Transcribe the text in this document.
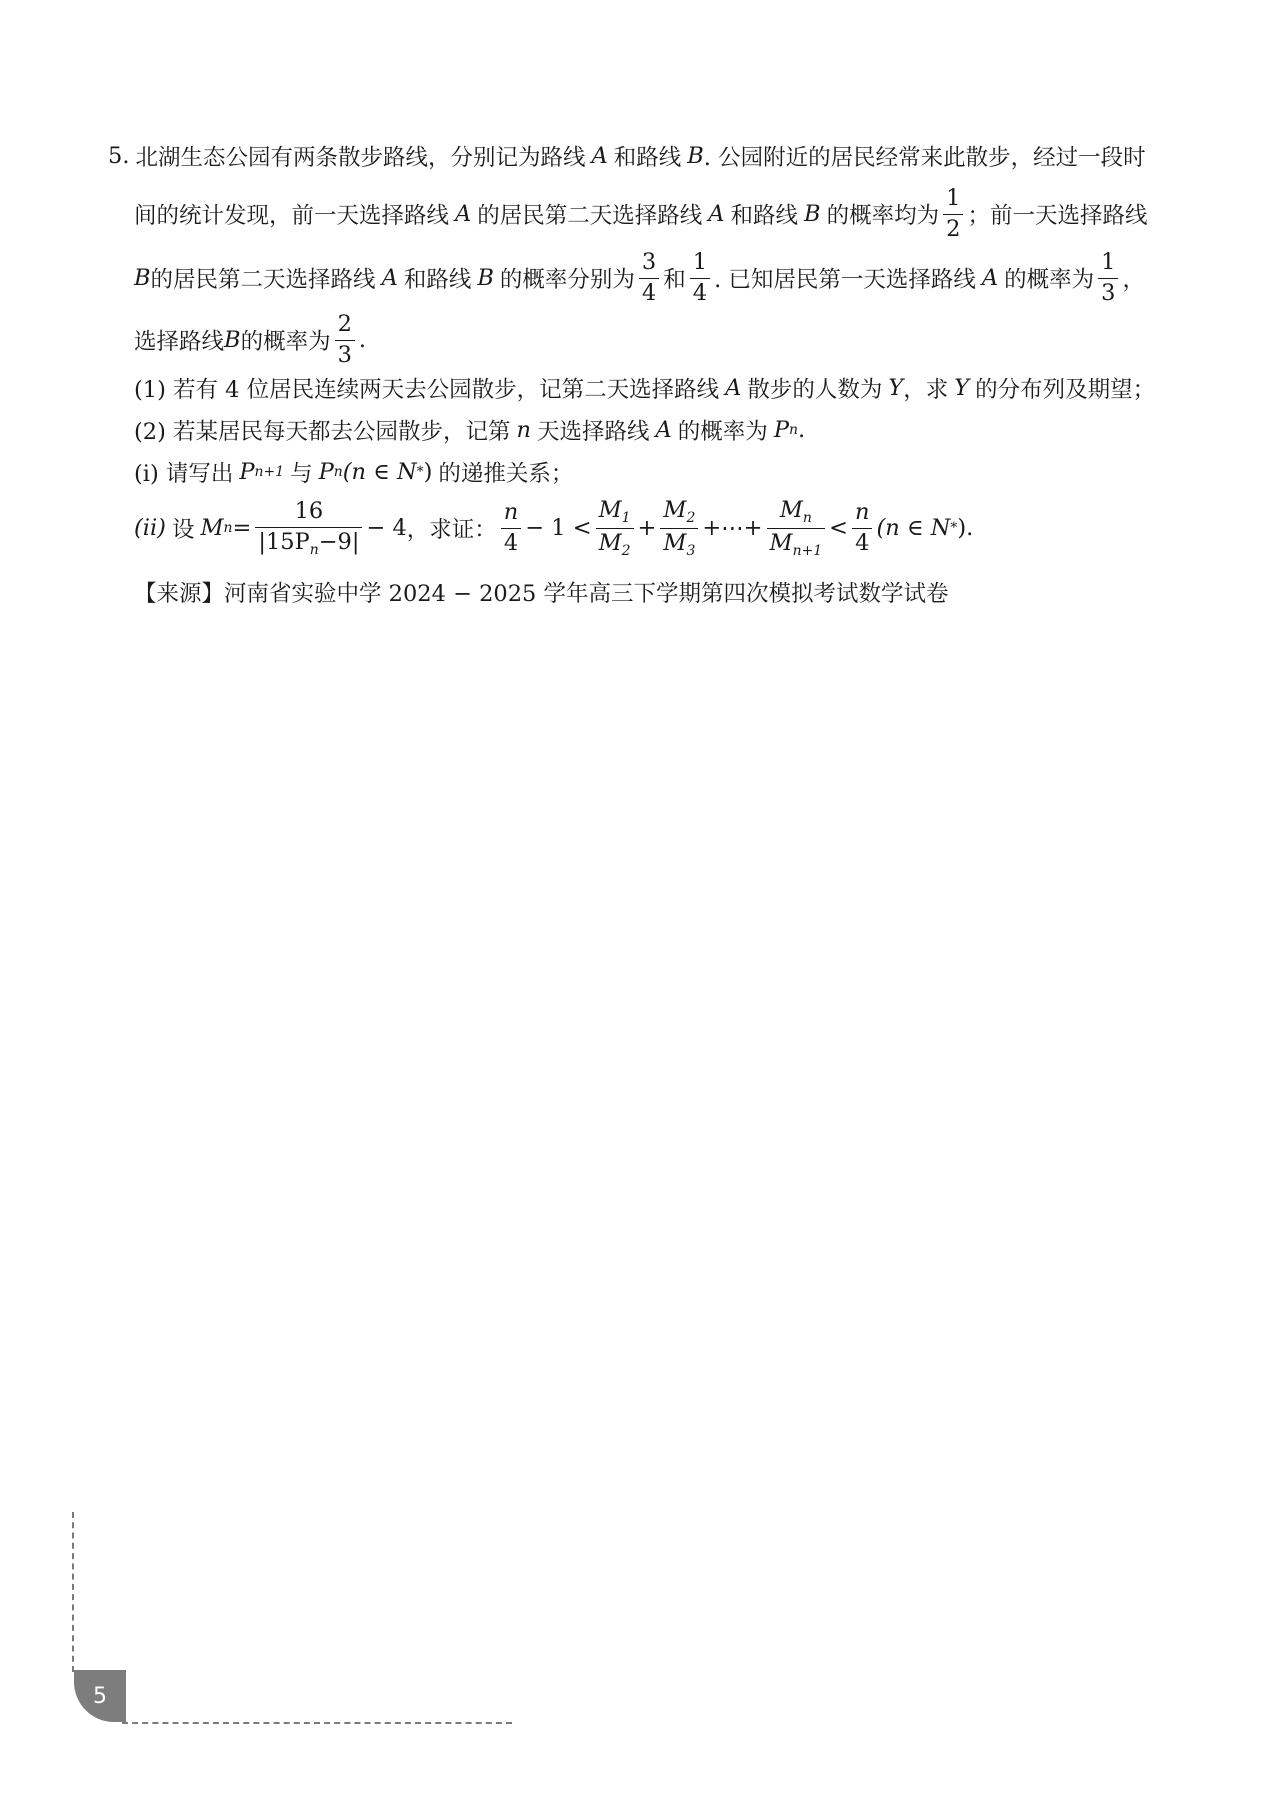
5. 北湖生态公园有两条散步路线，分别记为路线 A 和路线 B . 公园附近的居民经常来此散步，经过一段时
间的统计发现，前一天选择路线 A 的居民第二天选择路线 A 和路线 B 的概率均为 $\frac{1}{2}$ ；前一天选择路线
B 的居民第二天选择路线 A 和路线 B 的概率分别为 $\frac{3}{4}$ 和 $\frac{1}{4}$ . 已知居民第一天选择路线 A 的概率为 $\frac{1}{3}$ ，
选择路线 B 的概率为 $\frac{2}{3}$ .
(1) 若有 4 位居民连续两天去公园散步，记第二天选择路线 A 散步的人数为 Y ，求 Y 的分布列及期望；
(2) 若某居民每天都去公园散步，记第 n 天选择路线 A 的概率为 P n .
(i) 请写出 P n+1 与 P n (n ∈ N * ) 的递推关系；
(ii) 设 M $n = \frac{16}{|15P_n-9|} - 4$ ，求证： $\frac{n}{4} - 1 < \frac{M_1}{M_2} + \frac{M_2}{M_3}$ +⋯+ $\frac{M_n}{M_{n+1}} < \frac{n}{4} (n$ ∈ N * ).
【来源】河南省实验中学 2024 − 2025 学年高三下学期第四次模拟考试数学试卷
5
